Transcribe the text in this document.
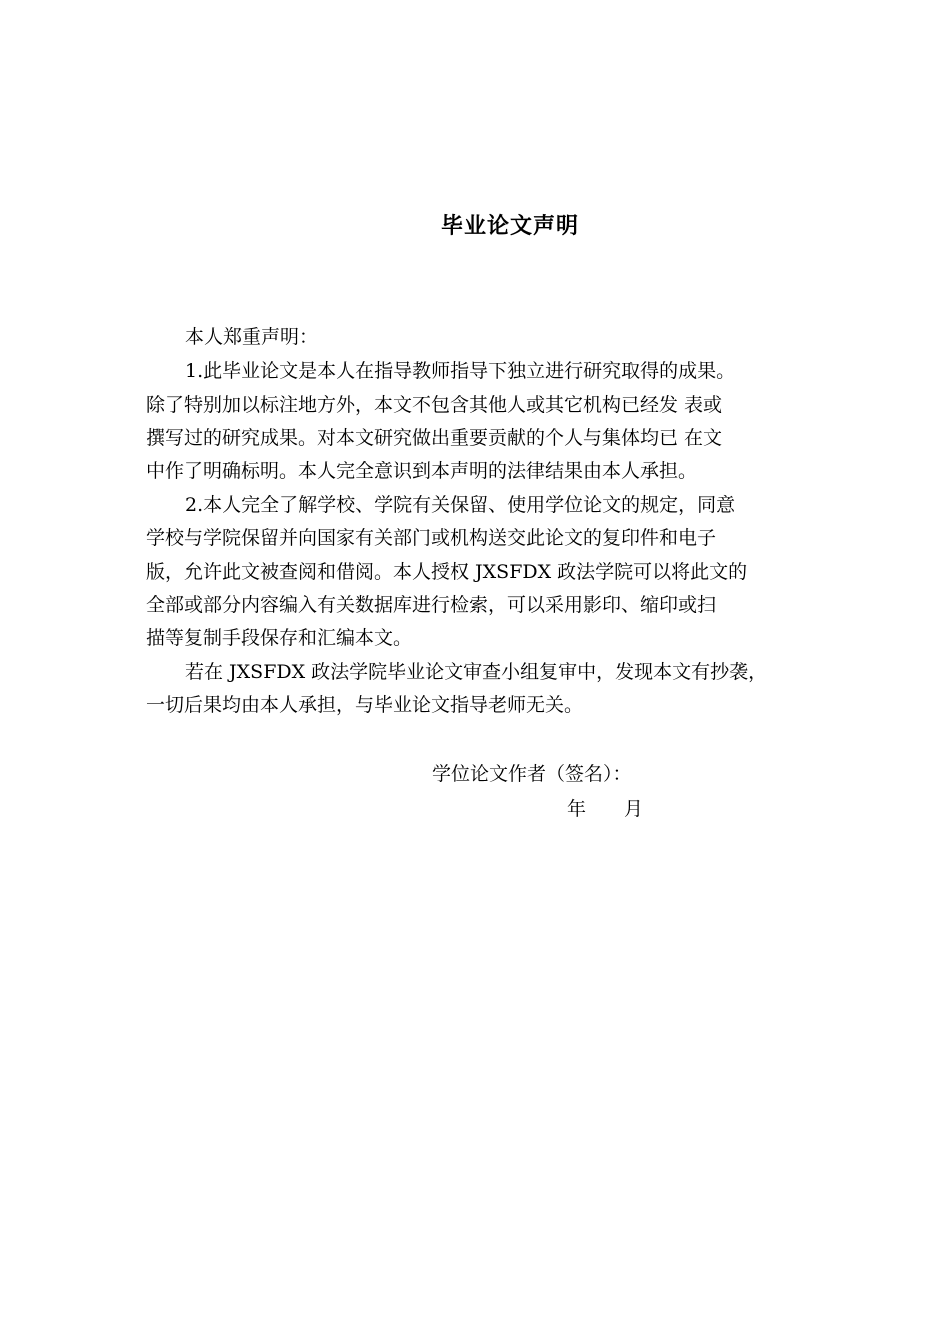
毕业论文声明
本人郑重声明：
1.此毕业论文是本人在指导教师指导下独立进行研究取得的成果。
除了特别加以标注地方外，本文不包含其他人或其它机构已经发 表或
撰写过的研究成果。对本文研究做出重要贡献的个人与集体均已 在文
中作了明确标明。本人完全意识到本声明的法律结果由本人承担。
2.本人完全了解学校、学院有关保留、使用学位论文的规定，同意
学校与学院保留并向国家有关部门或机构送交此论文的复印件和电子
版，允许此文被查阅和借阅。本人授权 JXSFDX 政法学院可以将此文的
全部或部分内容编入有关数据库进行检索，可以采用影印、缩印或扫
描等复制手段保存和汇编本文。
若在 JXSFDX 政法学院毕业论文审查小组复审中，发现本文有抄袭，
一切后果均由本人承担，与毕业论文指导老师无关。
学位论文作者（签名）：
年 月
